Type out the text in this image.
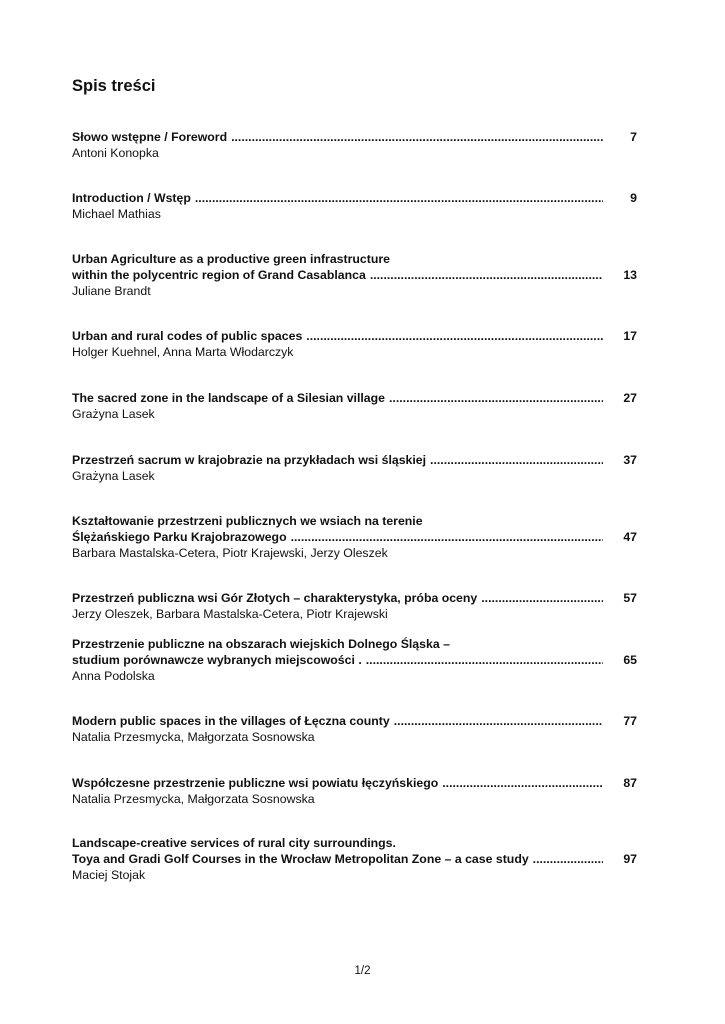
Spis treści
Słowo wstępne / Foreword .....	7
Antoni Konopka
Introduction / Wstęp .....	9
Michael Mathias
Urban Agriculture as a productive green infrastructure
within the polycentric region of Grand Casablanca .....	13
Juliane Brandt
Urban and rural codes of public spaces .....	17
Holger Kuehnel, Anna Marta Włodarczyk
The sacred zone in the landscape of a Silesian village .....	27
Grażyna Lasek
Przestrzeń sacrum w krajobrazie na przykładach wsi śląskiej .....	37
Grażyna Lasek
Kształtowanie przestrzeni publicznych we wsiach na terenie
Ślężańskiego Parku Krajobrazowego .....	47
Barbara Mastalska-Cetera, Piotr Krajewski, Jerzy Oleszek
Przestrzeń publiczna wsi Gór Złotych – charakterystyka, próba oceny .....	57
Jerzy Oleszek, Barbara Mastalska-Cetera, Piotr Krajewski
Przestrzenie publiczne na obszarach wiejskich Dolnego Śląska –
studium porównawcze wybranych miejscowości . .....	65
Anna Podolska
Modern public spaces in the villages of Łęczna county .....	77
Natalia Przesmycka, Małgorzata Sosnowska
Współczesne przestrzenie publiczne wsi powiatu łęczyńskiego .....	87
Natalia Przesmycka, Małgorzata Sosnowska
Landscape-creative services of rural city surroundings.
Toya and Gradi Golf Courses in the Wrocław Metropolitan Zone – a case study .....	97
Maciej Stojak
1/2
